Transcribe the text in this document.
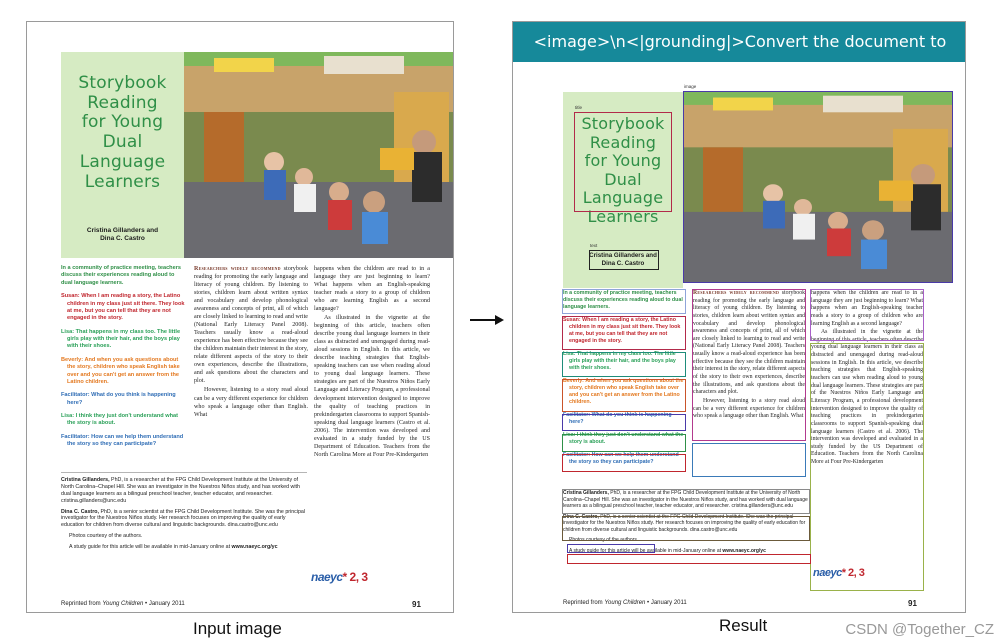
Storybook
Reading
for Young
Dual Language
Learners
Cristina Gillanders and
Dina C. Castro

In a community of practice meeting, teachers discuss their experiences reading aloud to dual language learners.

Susan: When I am reading a story, the Latino children in my class just sit there. They look at me, but you can tell that they are not engaged in the story.

Lisa: That happens in my class too. The little girls play with their hair, and the boys play with their shoes.

Beverly: And when you ask questions about the story, children who speak English take over and you can't get an answer from the Latino children.

Facilitator: What do you think is happening here?

Lisa: I think they just don't understand what the story is about.

Facilitator: How can we help them understand the story so they can participate?

Researchers widely recommend storybook reading for promoting the early language and literacy of young children. By listening to stories, children learn about written syntax and vocabulary and develop phonological awareness and concepts of print, all of which are closely linked to learning to read and write (National Early Literacy Panel 2008). Teachers usually know a read-aloud experience has been effective because they see the children maintain their interest in the story, relate different aspects of the story to their own experiences, describe the illustrations, and ask questions about the characters and plot.

However, listening to a story read aloud can be a very different experience for children who speak a language other than English. What

happens when the children are read to in a language they are just beginning to learn? What happens when an English-speaking teacher reads a story to a group of children who are learning English as a second language?

As illustrated in the vignette at the beginning of this article, teachers often describe young dual language learners in their class as distracted and unengaged during read-aloud sessions in English. In this article, we describe teaching strategies that English-speaking teachers can use when reading aloud to young dual language learners. These strategies are part of the Nuestros Niños Early Language and Literacy Program, a professional development intervention designed to improve the quality of teaching practices in prekindergarten classrooms to support Spanish-speaking dual language learners (Castro et al. 2006). The intervention was developed and evaluated in a study funded by the US Department of Education. Teachers from the North Carolina More at Four Pre-Kindergarten

Cristina Gillanders, PhD, is a researcher at the FPG Child Development Institute at the University of North Carolina–Chapel Hill. She was an investigator in the Nuestros Niños study, and has worked with dual language learners as a bilingual preschool teacher, teacher educator, and researcher. cristina.gillanders@unc.edu

Dina C. Castro, PhD, is a senior scientist at the FPG Child Development Institute. She was the principal investigator for the Nuestros Niños study. Her research focuses on improving the quality of early education for children from diverse cultural and linguistic backgrounds. dina.castro@unc.edu

Photos courtesy of the authors.

A study guide for this article will be available in mid-January online at www.naeyc.org/yc

naeyc* 2, 3
Reprinted from Young Children • January 2011	91
<image>\n<|grounding|>Convert the document to markdown.
Storybook
Reading
for Young
Dual Language
Learners
Cristina Gillanders and
Dina C. Castro

In a community of practice meeting, teachers discuss their experiences reading aloud to dual language learners.

Susan: When I am reading a story, the Latino children in my class just sit there. They look at me, but you can tell that they are not engaged in the story.

Lisa: That happens in my class too. The little girls play with their hair, and the boys play with their shoes.

Beverly: And when you ask questions about the story, children who speak English take over and you can't get an answer from the Latino children.

Facilitator: What do you think is happening here?

Lisa: I think they just don't understand what the story is about.

Facilitator: How can we help them understand the story so they can participate?

Researchers widely recommend storybook reading for promoting the early language and literacy of young children. By listening to stories, children learn about written syntax and vocabulary and develop phonological awareness and concepts of print, all of which are closely linked to learning to read and write (National Early Literacy Panel 2008). Teachers usually know a read-aloud experience has been effective because they see the children maintain their interest in the story, relate different aspects of the story to their own experiences, describe the illustrations, and ask questions about the characters and plot.

However, listening to a story read aloud can be a very different experience for children who speak a language other than English. What

happens when the children are read to in a language they are just beginning to learn? What happens when an English-speaking teacher reads a story to a group of children who are learning English as a second language?

As illustrated in the vignette at the beginning of this article, teachers often describe young dual language learners in their class as distracted and unengaged during read-aloud sessions in English. In this article, we describe teaching strategies that English-speaking teachers can use when reading aloud to young dual language learners. These strategies are part of the Nuestros Niños Early Language and Literacy Program, a professional development intervention designed to improve the quality of teaching practices in prekindergarten classrooms to support Spanish-speaking dual language learners (Castro et al. 2006). The intervention was developed and evaluated in a study funded by the US Department of Education. Teachers from the North Carolina More at Four Pre-Kindergarten

Cristina Gillanders, PhD, is a researcher at the FPG Child Development Institute at the University of North Carolina–Chapel Hill. She was an investigator in the Nuestros Niños study, and has worked with dual language learners as a bilingual preschool teacher, teacher educator, and researcher. cristina.gillanders@unc.edu

Dina C. Castro, PhD, is a senior scientist at the FPG Child Development Institute. She was the principal investigator for the Nuestros Niños study. Her research focuses on improving the quality of early education for children from diverse cultural and linguistic backgrounds. dina.castro@unc.edu

Photos courtesy of the authors.

A study guide for this article will be available in mid-January online at www.naeyc.org/yc

naeyc* 2, 3
Reprinted from Young Children • January 2011	91
image
title
text
Input image	Result	CSDN @Together_CZ
